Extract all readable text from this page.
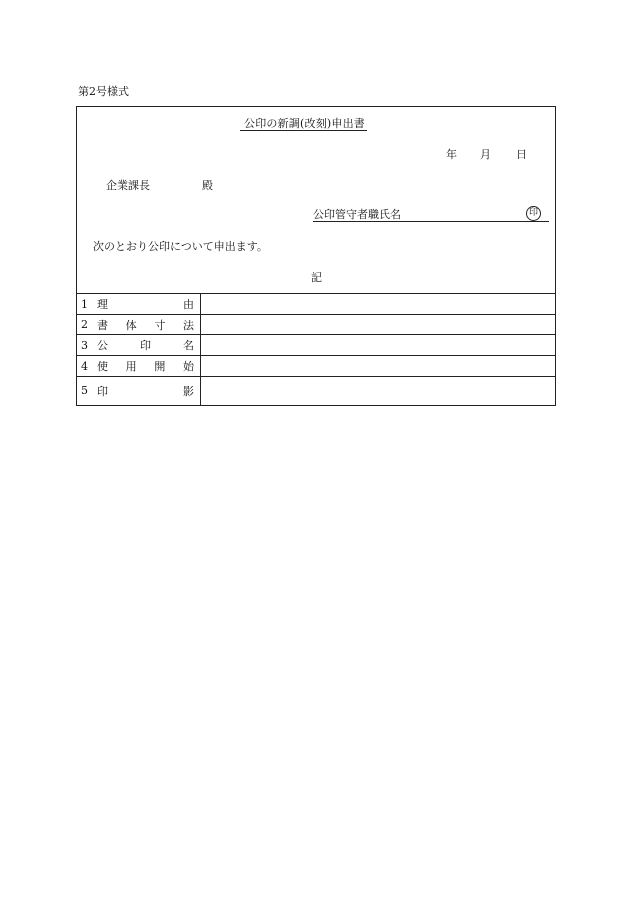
第2号様式
公印の新調(改刻)申出書
年 月 日
企業課長	殿
公印管守者職氏名	印
次のとおり公印について申出ます。
記
1 理 由	

2 書 体 寸 法	

3 公 印 名	

4 使 用 開 始	

5 印 影	
